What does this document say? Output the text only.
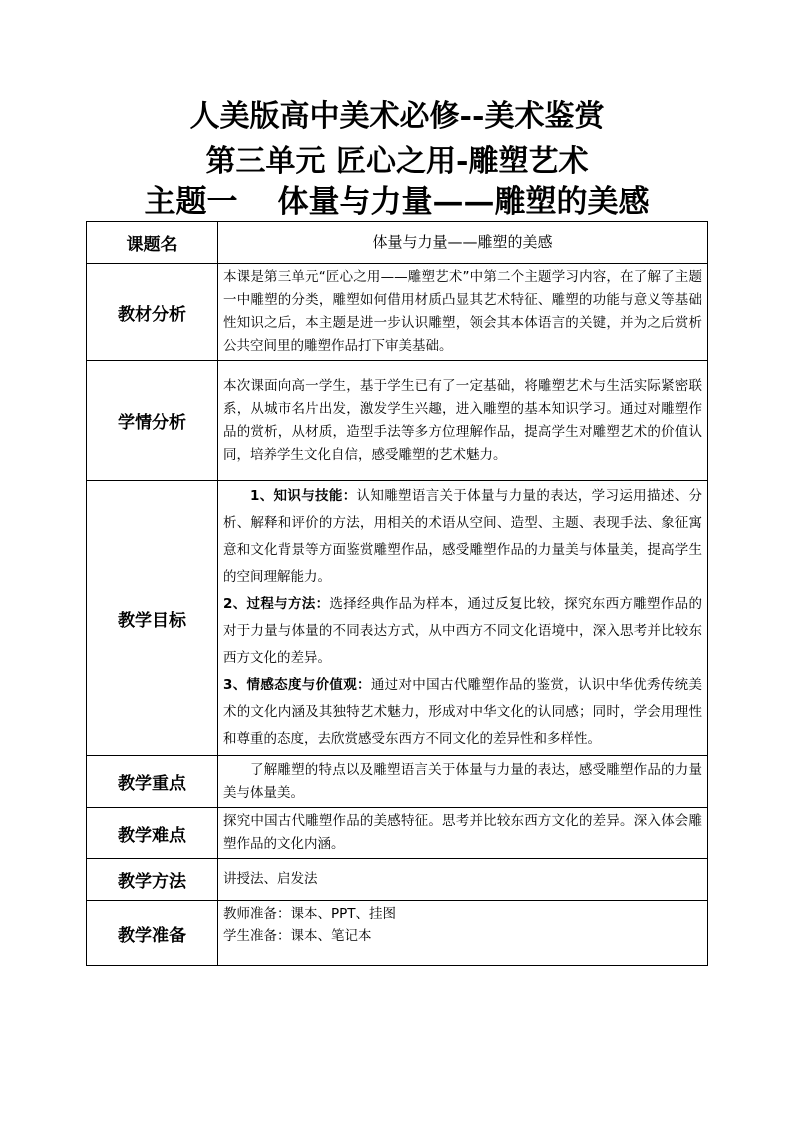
人美版高中美术必修--美术鉴赏
第三单元 匠心之用-雕塑艺术
主题一 体量与力量——雕塑的美感
课题名	体量与力量——雕塑的美感
教材分析	本课是第三单元“匠心之用——雕塑艺术”中第二个主题学习内容，在了解了主题一中雕塑的分类，雕塑如何借用材质凸显其艺术特征、雕塑的功能与意义等基础性知识之后，本主题是进一步认识雕塑，领会其本体语言的关键，并为之后赏析公共空间里的雕塑作品打下审美基础。
学情分析	本次课面向高一学生，基于学生已有了一定基础，将雕塑艺术与生活实际紧密联系，从城市名片出发，激发学生兴趣，进入雕塑的基本知识学习。通过对雕塑作品的赏析，从材质，造型手法等多方位理解作品，提高学生对雕塑艺术的价值认同，培养学生文化自信，感受雕塑的艺术魅力。
教学目标	1、知识与技能：认知雕塑语言关于体量与力量的表达，学习运用描述、分析、解释和评价的方法，用相关的术语从空间、造型、主题、表现手法、象征寓意和文化背景等方面鉴赏雕塑作品，感受雕塑作品的力量美与体量美，提高学生的空间理解能力。

2、过程与方法：选择经典作品为样本，通过反复比较，探究东西方雕塑作品的对于力量与体量的不同表达方式，从中西方不同文化语境中，深入思考并比较东西方文化的差异。

3、情感态度与价值观：通过对中国古代雕塑作品的鉴赏，认识中华优秀传统美术的文化内涵及其独特艺术魅力，形成对中华文化的认同感；同时，学会用理性和尊重的态度，去欣赏感受东西方不同文化的差异性和多样性。

教学重点	了解雕塑的特点以及雕塑语言关于体量与力量的表达，感受雕塑作品的力量美与体量美。
教学难点	探究中国古代雕塑作品的美感特征。思考并比较东西方文化的差异。深入体会雕塑作品的文化内涵。
教学方法	讲授法、启发法
教学准备	教师准备：课本、PPT、挂图
学生准备：课本、笔记本
